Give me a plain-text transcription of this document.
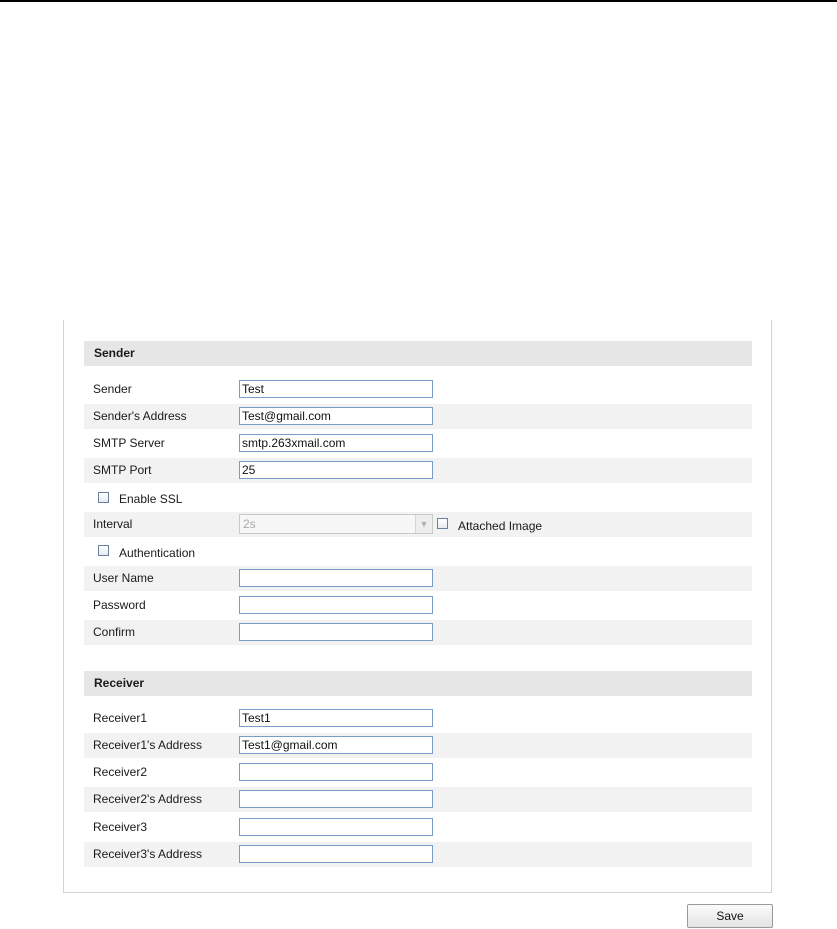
Sender
Sender
Test
Sender's Address
Test@gmail.com
SMTP Server
smtp.263xmail.com
SMTP Port
25
Enable SSL
Interval	2s	▼ Attached Image
Authentication
User Name
Password
Confirm
Receiver
Receiver1
Test1
Receiver1's Address
Test1@gmail.com
Receiver2
Receiver2's Address
Receiver3
Receiver3's Address
Save
